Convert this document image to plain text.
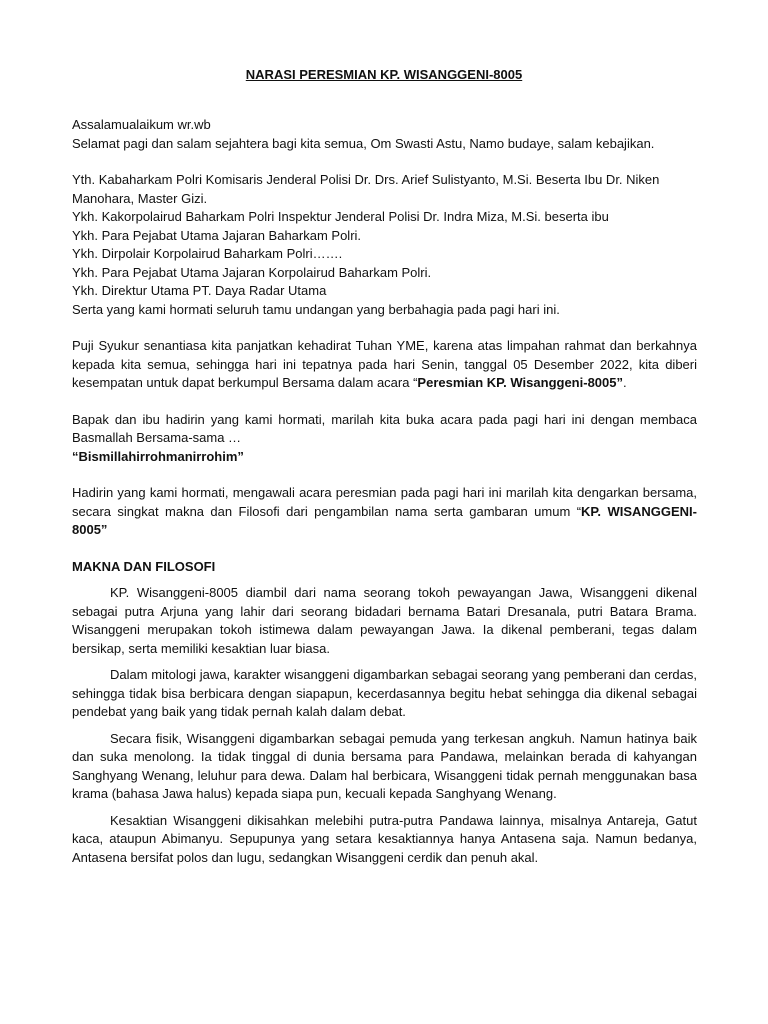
NARASI PERESMIAN KP. WISANGGENI-8005

Assalamualaikum wr.wb

Selamat pagi dan salam sejahtera bagi kita semua, Om Swasti Astu, Namo budaye, salam kebajikan.

Yth. Kabaharkam Polri Komisaris Jenderal Polisi Dr. Drs. Arief Sulistyanto, M.Si. Beserta Ibu Dr. Niken Manohara, Master Gizi.

Ykh. Kakorpolairud Baharkam Polri Inspektur Jenderal Polisi Dr. Indra Miza, M.Si. beserta ibu

Ykh. Para Pejabat Utama Jajaran Baharkam Polri.

Ykh. Dirpolair Korpolairud Baharkam Polri…….

Ykh. Para Pejabat Utama Jajaran Korpolairud Baharkam Polri.

Ykh. Direktur Utama PT. Daya Radar Utama

Serta yang kami hormati seluruh tamu undangan yang berbahagia pada pagi hari ini.

Puji Syukur senantiasa kita panjatkan kehadirat Tuhan YME, karena atas limpahan rahmat dan berkahnya kepada kita semua, sehingga hari ini tepatnya pada hari Senin, tanggal 05 Desember 2022, kita diberi kesempatan untuk dapat berkumpul Bersama dalam acara “Peresmian KP. Wisanggeni-8005”.

Bapak dan ibu hadirin yang kami hormati, marilah kita buka acara pada pagi hari ini dengan membaca Basmallah Bersama-sama …

“Bismillahirrohmanirrohim”

Hadirin yang kami hormati, mengawali acara peresmian pada pagi hari ini marilah kita dengarkan bersama, secara singkat makna dan Filosofi dari pengambilan nama serta gambaran umum “KP. WISANGGENI-8005”

MAKNA DAN FILOSOFI

KP. Wisanggeni-8005 diambil dari nama seorang tokoh pewayangan Jawa, Wisanggeni dikenal sebagai putra Arjuna yang lahir dari seorang bidadari bernama Batari Dresanala, putri Batara Brama. Wisanggeni merupakan tokoh istimewa dalam pewayangan Jawa. Ia dikenal pemberani, tegas dalam bersikap, serta memiliki kesaktian luar biasa.

Dalam mitologi jawa, karakter wisanggeni digambarkan sebagai seorang yang pemberani dan cerdas, sehingga tidak bisa berbicara dengan siapapun, kecerdasannya begitu hebat sehingga dia dikenal sebagai pendebat yang baik yang tidak pernah kalah dalam debat.

Secara fisik, Wisanggeni digambarkan sebagai pemuda yang terkesan angkuh. Namun hatinya baik dan suka menolong. Ia tidak tinggal di dunia bersama para Pandawa, melainkan berada di kahyangan Sanghyang Wenang, leluhur para dewa. Dalam hal berbicara, Wisanggeni tidak pernah menggunakan basa krama (bahasa Jawa halus) kepada siapa pun, kecuali kepada Sanghyang Wenang.

Kesaktian Wisanggeni dikisahkan melebihi putra-putra Pandawa lainnya, misalnya Antareja, Gatut kaca, ataupun Abimanyu. Sepupunya yang setara kesaktiannya hanya Antasena saja. Namun bedanya, Antasena bersifat polos dan lugu, sedangkan Wisanggeni cerdik dan penuh akal.
